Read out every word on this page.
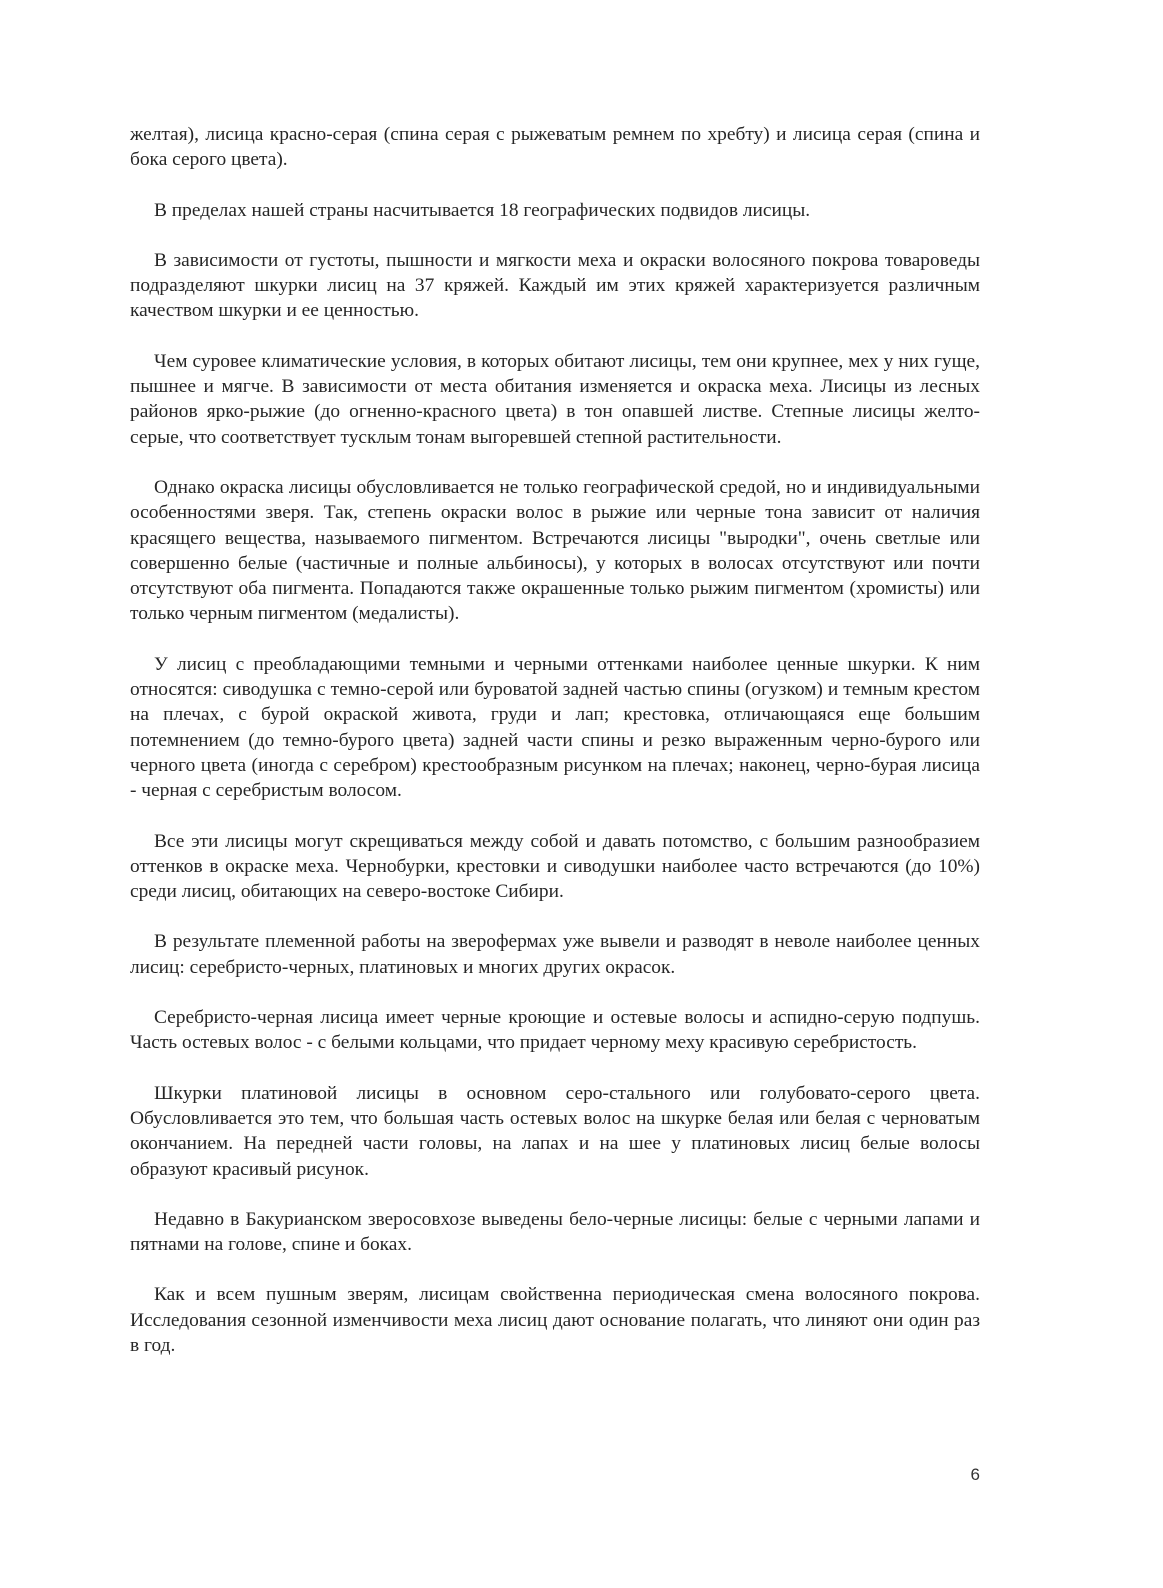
желтая), лисица красно-серая (спина серая с рыжеватым ремнем по хребту) и лисица серая (спина и бока серого цвета).

В пределах нашей страны насчитывается 18 географических подвидов лисицы.

В зависимости от густоты, пышности и мягкости меха и окраски волосяного покрова товароведы подразделяют шкурки лисиц на 37 кряжей. Каждый им этих кряжей характеризуется различным качеством шкурки и ее ценностью.

Чем суровее климатические условия, в которых обитают лисицы, тем они крупнее, мех у них гуще, пышнее и мягче. В зависимости от места обитания изменяется и окраска меха. Лисицы из лесных районов ярко-рыжие (до огненно-красного цвета) в тон опавшей листве. Степные лисицы желто-серые, что соответствует тусклым тонам выгоревшей степной растительности.

Однако окраска лисицы обусловливается не только географической средой, но и индивидуальными особенностями зверя. Так, степень окраски волос в рыжие или черные тона зависит от наличия красящего вещества, называемого пигментом. Встречаются лисицы "выродки", очень светлые или совершенно белые (частичные и полные альбиносы), у которых в волосах отсутствуют или почти отсутствуют оба пигмента. Попадаются также окрашенные только рыжим пигментом (хромисты) или только черным пигментом (медалисты).

У лисиц с преобладающими темными и черными оттенками наиболее ценные шкурки. К ним относятся: сиводушка с темно-серой или буроватой задней частью спины (огузком) и темным крестом на плечах, с бурой окраской живота, груди и лап; крестовка, отличающаяся еще большим потемнением (до темно-бурого цвета) задней части спины и резко выраженным черно-бурого или черного цвета (иногда с серебром) крестообразным рисунком на плечах; наконец, черно-бурая лисица - черная с серебристым волосом.

Все эти лисицы могут скрещиваться между собой и давать потомство, с большим разнообразием оттенков в окраске меха. Чернобурки, крестовки и сиводушки наиболее часто встречаются (до 10%) среди лисиц, обитающих на северо-востоке Сибири.

В результате племенной работы на зверофермах уже вывели и разводят в неволе наиболее ценных лисиц: серебристо-черных, платиновых и многих других окрасок.

Серебристо-черная лисица имеет черные кроющие и остевые волосы и аспидно-серую подпушь. Часть остевых волос - с белыми кольцами, что придает черному меху красивую серебристость.

Шкурки платиновой лисицы в основном серо-стального или голубовато-серого цвета. Обусловливается это тем, что большая часть остевых волос на шкурке белая или белая с черноватым окончанием. На передней части головы, на лапах и на шее у платиновых лисиц белые волосы образуют красивый рисунок.

Недавно в Бакурианском зверосовхозе выведены бело-черные лисицы: белые с черными лапами и пятнами на голове, спине и боках.

Как и всем пушным зверям, лисицам свойственна периодическая смена волосяного покрова. Исследования сезонной изменчивости меха лисиц дают основание полагать, что линяют они один раз в год.

6
